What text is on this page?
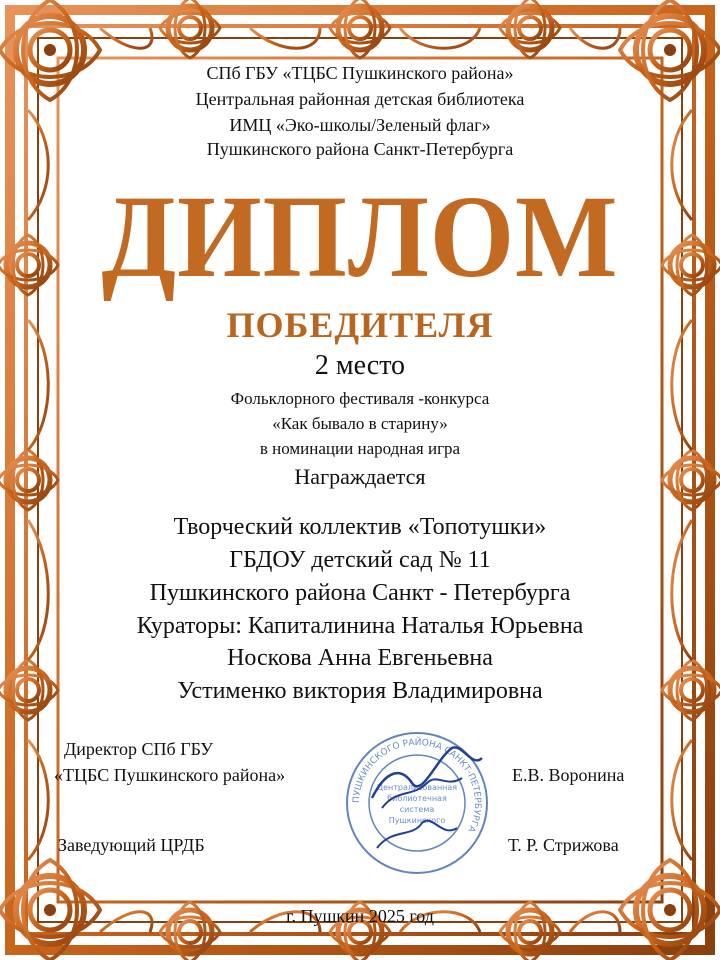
СПб ГБУ «ТЦБС Пушкинского района»
Центральная районная детская библиотека
ИМЦ «Эко-школы/Зеленый флаг»
Пушкинского района Санкт-Петербурга
ДИПЛОМ
ПОБЕДИТЕЛЯ
2 место
Фольклорного фестиваля -конкурса
«Как бывало в старину»
в номинации народная игра
Награждается
Творческий коллектив «Топотушки»
ГБДОУ детский сад № 11
Пушкинского района Санкт - Петербурга
Кураторы: Капиталинина Наталья Юрьевна
Носкова Анна Евгеньевна
Устименко виктория Владимировна
Директор СПб ГБУ
«ТЦБС Пушкинского района»	Е.В. Воронина
Заведующий ЦРДБ	Т. Р. Стрижова
ПУШКИНСКОГО РАЙОНА САНКТ-ПЕТЕРБУРГА
Централизованная
библиотечная
система
Пушкинского
г. Пушкин 2025 год
